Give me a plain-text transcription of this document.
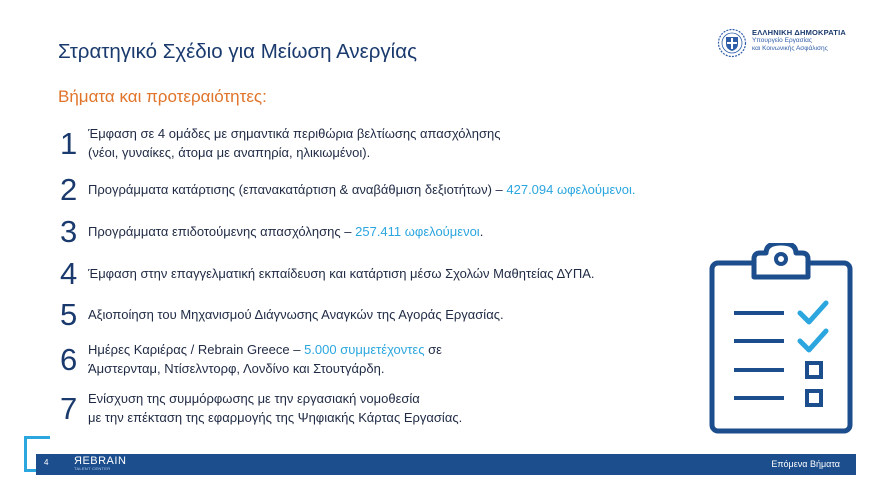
Στρατηγικό Σχέδιο για Μείωση Ανεργίας
Βήματα και προτεραιότητες:
ΕΛΛΗΝΙΚΗ ΔΗΜΟΚΡΑΤΙΑ
Υπουργείο Εργασίας
και Κοινωνικής Ασφάλισης
1 Έμφαση σε 4 ομάδες με σημαντικά περιθώρια βελτίωσης απασχόλησης
(νέοι, γυναίκες, άτομα με αναπηρία, ηλικιωμένοι).
2 Προγράμματα κατάρτισης (επανακατάρτιση & αναβάθμιση δεξιοτήτων) – 427.094 ωφελούμενοι.
3 Προγράμματα επιδοτούμενης απασχόλησης – 257.411 ωφελούμενοι.
4 Έμφαση στην επαγγελματική εκπαίδευση και κατάρτιση μέσω Σχολών Μαθητείας ΔΥΠΑ.
5 Αξιοποίηση του Μηχανισμού Διάγνωσης Αναγκών της Αγοράς Εργασίας.
6 Ημέρες Καριέρας / Rebrain Greece – 5.000 συμμετέχοντες σε
Άμστερνταμ, Ντίσελντορφ, Λονδίνο και Στουτγάρδη.
7 Ενίσχυση της συμμόρφωσης με την εργασιακή νομοθεσία
με την επέκταση της εφαρμογής της Ψηφιακής Κάρτας Εργασίας.
4 ЯEBRAIN
TALENT CENTER	Επόμενα Βήματα
